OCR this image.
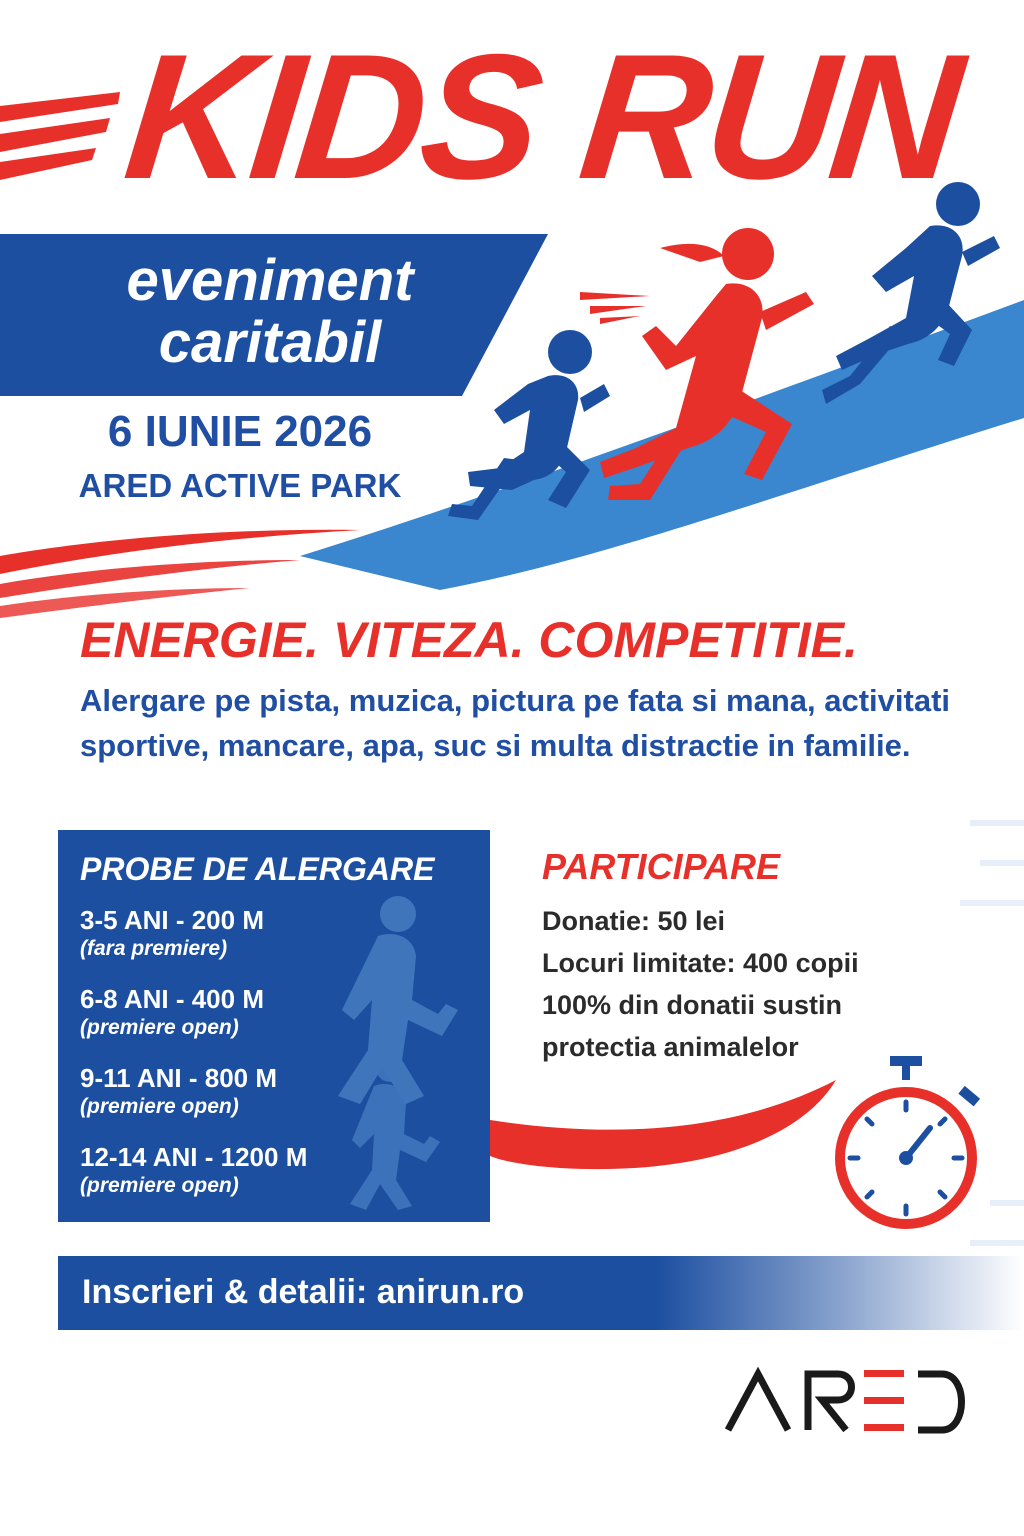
KIDS RUN
eveniment
caritabil
6 IUNIE 2026
ARED ACTIVE PARK
ENERGIE. VITEZA. COMPETITIE.
Alergare pe pista, muzica, pictura pe fata si mana, activitati sportive, mancare, apa, suc si multa distractie in familie.
PROBE DE ALERGARE
3-5 ANI - 200 M
(fara premiere)
6-8 ANI - 400 M
(premiere open)
9-11 ANI - 800 M
(premiere open)
12-14 ANI - 1200 M
(premiere open)
PARTICIPARE
Donatie: 50 lei
Locuri limitate: 400 copii
100% din donatii sustin
protectia animalelor
Inscrieri & detalii: anirun.ro
